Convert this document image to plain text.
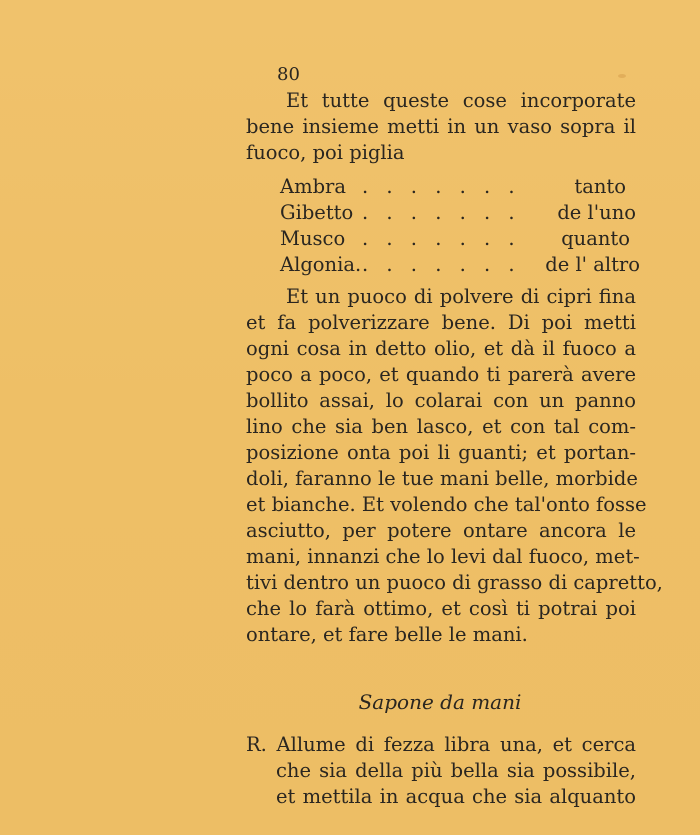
80
Et tutte queste cose incorporate
bene insieme metti in un vaso sopra il
fuoco, poi piglia
Ambra . . . . . . .	tanto
Gibetto . . . . . . . de l'uno
Musco . . . . . . . quanto
Algonia. . . . . . . . de l' altro
Et un puoco di polvere di cipri fina
et fa polverizzare bene. Di poi metti
ogni cosa in detto olio, et dà il fuoco a
poco a poco, et quando ti parerà avere
bollito assai, lo colarai con un panno
lino che sia ben lasco, et con tal com-
posizione onta poi li guanti; et portan-
doli, faranno le tue mani belle, morbide
et bianche. Et volendo che tal'onto fosse
asciutto, per potere ontare ancora le
mani, innanzi che lo levi dal fuoco, met-
tivi dentro un puoco di grasso di capretto,
che lo farà ottimo, et così ti potrai poi
ontare, et fare belle le mani.
Sapone da mani
R. Allume di fezza libra una, et cerca
che sia della più bella sia possibile,
et mettila in acqua che sia alquanto
